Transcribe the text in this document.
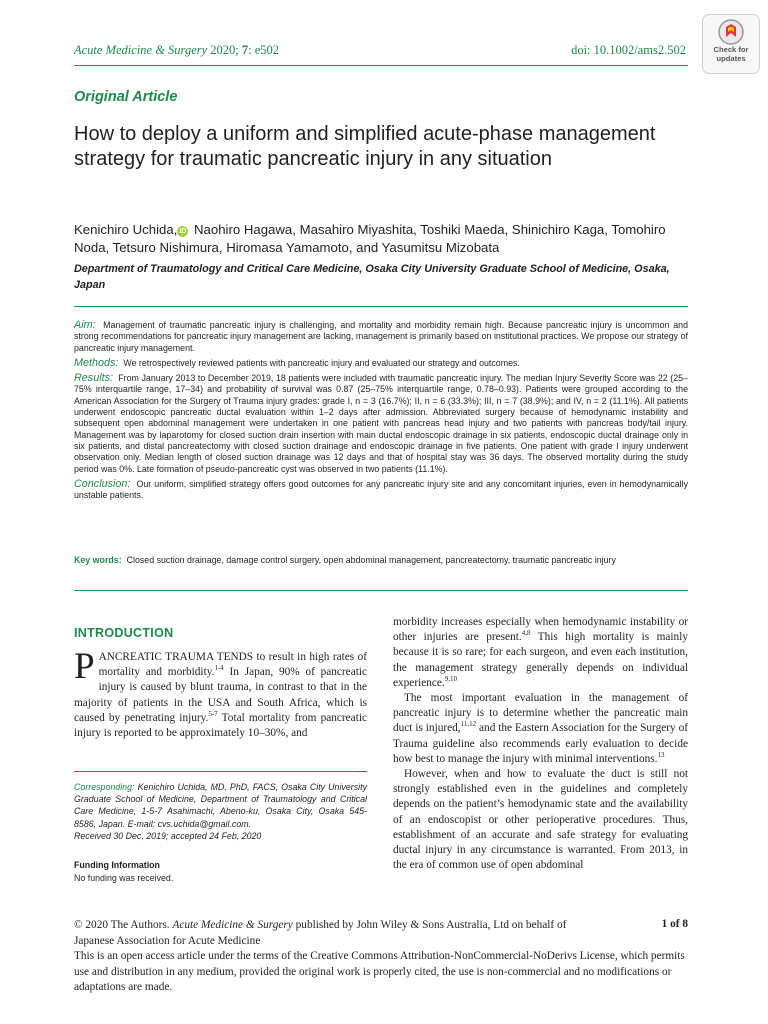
Acute Medicine & Surgery 2020; 7: e502	doi: 10.1002/ams2.502	Check for
updates
Original Article
How to deploy a uniform and simplified acute-phase management strategy for traumatic pancreatic injury in any situation
Kenichiro Uchida, iD Naohiro Hagawa, Masahiro Miyashita, Toshiki Maeda, Shinichiro Kaga, Tomohiro Noda, Tetsuro Nishimura, Hiromasa Yamamoto, and Yasumitsu Mizobata
Department of Traumatology and Critical Care Medicine, Osaka City University Graduate School of Medicine, Osaka, Japan

Aim: Management of traumatic pancreatic injury is challenging, and mortality and morbidity remain high. Because pancreatic injury is uncommon and strong recommendations for pancreatic injury management are lacking, management is primarily based on institutional practices. We propose our strategy of pancreatic injury management.

Methods: We retrospectively reviewed patients with pancreatic injury and evaluated our strategy and outcomes.

Results: From January 2013 to December 2019, 18 patients were included with traumatic pancreatic injury. The median Injury Severity Score was 22 (25–75% interquartile range, 17–34) and probability of survival was 0.87 (25–75% interquartile range, 0.78–0.93). Patients were grouped according to the American Association for the Surgery of Trauma injury grades: grade I, n = 3 (16.7%); II, n = 6 (33.3%); III, n = 7 (38.9%); and IV, n = 2 (11.1%). All patients underwent endoscopic pancreatic ductal evaluation within 1–2 days after admission. Abbreviated surgery because of hemodynamic instability and subsequent open abdominal management were undertaken in one patient with pancreas head injury and two patients with pancreas body/tail injury. Management was by laparotomy for closed suction drain insertion with main ductal endoscopic drainage in six patients, endoscopic ductal drainage only in six patients, and distal pancreatectomy with closed suction drainage and endoscopic drainage in five patients. One patient with grade I injury underwent observation only. Median length of closed suction drainage was 12 days and that of hospital stay was 36 days. The observed mortality during the study period was 0%. Late formation of pseudo-pancreatic cyst was observed in two patients (11.1%).

Conclusion: Our uniform, simplified strategy offers good outcomes for any pancreatic injury site and any concomitant injuries, even in hemodynamically unstable patients.

Key words: Closed suction drainage, damage control surgery, open abdominal management, pancreatectomy, traumatic pancreatic injury
INTRODUCTION

PANCREATIC TRAUMA TENDS to result in high rates of mortality and morbidity.$^{1-4}$ In Japan, 90% of pancreatic injury is caused by blunt trauma, in contrast to that in the majority of patients in the USA and South Africa, which is caused by penetrating injury.$^{5-7}$ Total mortality from pancreatic injury is reported to be approximately 10–30%, and

Corresponding: Kenichiro Uchida, MD, PhD, FACS, Osaka City University Graduate School of Medicine, Department of Traumatology and Critical Care Medicine, 1-5-7 Asahimachi, Abeno-ku, Osaka City, Osaka 545-8586, Japan. E-mail: cvs.uchida@gmail.com.
Received 30 Dec, 2019; accepted 24 Feb, 2020
Funding Information
No funding was received.

morbidity increases especially when hemodynamic instability or other injuries are present.$^{4,8}$ This high mortality is mainly because it is so rare; for each surgeon, and even each institution, the management strategy generally depends on individual experience.$^{9,10}$

The most important evaluation in the management of pancreatic injury is to determine whether the pancreatic main duct is injured,$^{11,12}$ and the Eastern Association for the Surgery of Trauma guideline also recommends early evaluation to decide how best to manage the injury with minimal interventions.$^{13}$

However, when and how to evaluate the duct is still not strongly established even in the guidelines and completely depends on the patient’s hemodynamic state and the availability of an endoscopist or other perioperative procedures. Thus, establishment of an accurate and safe strategy for evaluating ductal injury in any circumstance is warranted. From 2013, in the era of common use of open abdominal

© 2020 The Authors. Acute Medicine & Surgery published by John Wiley & Sons Australia, Ltd on behalf of Japanese Association for Acute Medicine
This is an open access article under the terms of the Creative Commons Attribution-NonCommercial-NoDerivs License, which permits use and distribution in any medium, provided the original work is properly cited, the use is non-commercial and no modifications or adaptations are made.
1 of 8
